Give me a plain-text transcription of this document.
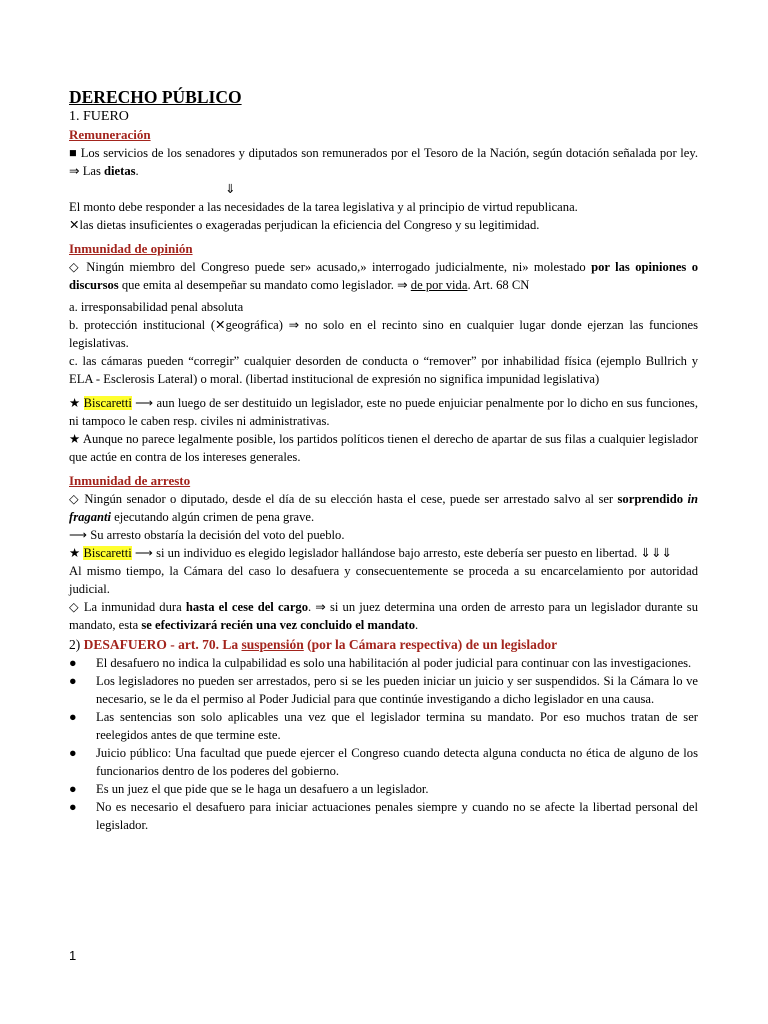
DERECHO PÚBLICO
1. FUERO
Remuneración

■ Los servicios de los senadores y diputados son remunerados por el Tesoro de la Nación, según dotación señalada por ley. ⇒ Las dietas.

⇓

El monto debe responder a las necesidades de la tarea legislativa y al principio de virtud republicana.

✕las dietas insuficientes o exageradas perjudican la eficiencia del Congreso y su legitimidad.

Inmunidad de opinión

◇ Ningún miembro del Congreso puede ser» acusado,» interrogado judicialmente, ni» molestado por las opiniones o discursos que emita al desempeñar su mandato como legislador. ⇒ de por vida. Art. 68 CN

a. irresponsabilidad penal absoluta

b. protección institucional (✕geográfica) ⇒ no solo en el recinto sino en cualquier lugar donde ejerzan las funciones legislativas.

c. las cámaras pueden “corregir” cualquier desorden de conducta o “remover” por inhabilidad física (ejemplo Bullrich y ELA - Esclerosis Lateral) o moral. (libertad institucional de expresión no significa impunidad legislativa)

★ Biscaretti ⟶ aun luego de ser destituido un legislador, este no puede enjuiciar penalmente por lo dicho en sus funciones, ni tampoco le caben resp. civiles ni administrativas.

★ Aunque no parece legalmente posible, los partidos políticos tienen el derecho de apartar de sus filas a cualquier legislador que actúe en contra de los intereses generales.

Inmunidad de arresto

◇ Ningún senador o diputado, desde el día de su elección hasta el cese, puede ser arrestado salvo al ser sorprendido in fraganti ejecutando algún crimen de pena grave.

⟶ Su arresto obstaría la decisión del voto del pueblo.

★ Biscaretti ⟶ si un individuo es elegido legislador hallándose bajo arresto, este debería ser puesto en libertad. ⇓⇓⇓

Al mismo tiempo, la Cámara del caso lo desafuera y consecuentemente se proceda a su encarcelamiento por autoridad judicial.

◇ La inmunidad dura hasta el cese del cargo. ⇒ si un juez determina una orden de arresto para un legislador durante su mandato, esta se efectivizará recién una vez concluido el mandato.

2) DESAFUERO - art. 70. La suspensión (por la Cámara respectiva) de un legislador
● El desafuero no indica la culpabilidad es solo una habilitación al poder judicial para continuar con las investigaciones.
● Los legisladores no pueden ser arrestados, pero si se les pueden iniciar un juicio y ser suspendidos. Si la Cámara lo ve necesario, se le da el permiso al Poder Judicial para que continúe investigando a dicho legislador en una causa.
● Las sentencias son solo aplicables una vez que el legislador termina su mandato. Por eso muchos tratan de ser reelegidos antes de que termine este.
● Juicio público: Una facultad que puede ejercer el Congreso cuando detecta alguna conducta no ética de alguno de los funcionarios dentro de los poderes del gobierno.
● Es un juez el que pide que se le haga un desafuero a un legislador.
● No es necesario el desafuero para iniciar actuaciones penales siempre y cuando no se afecte la libertad personal del legislador.
1
